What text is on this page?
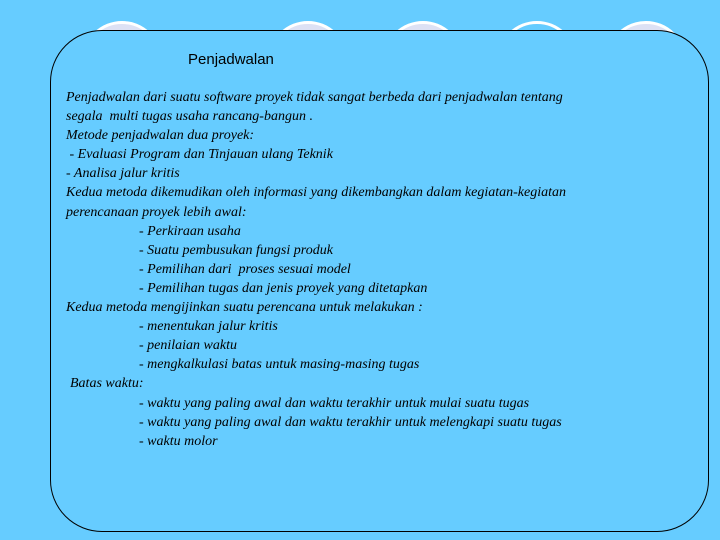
Penjadwalan
Penjadwalan dari suatu software proyek tidak sangat berbeda dari penjadwalan tentang
segala  multi tugas usaha rancang-bangun .
Metode penjadwalan dua proyek:
- Evaluasi Program dan Tinjauan ulang Teknik
- Analisa jalur kritis
Kedua metoda dikemudikan oleh informasi yang dikembangkan dalam kegiatan-kegiatan
perencanaan proyek lebih awal:
- Perkiraan usaha
- Suatu pembusukan fungsi produk
- Pemilihan dari  proses sesuai model
- Pemilihan tugas dan jenis proyek yang ditetapkan
Kedua metoda mengijinkan suatu perencana untuk melakukan :
- menentukan jalur kritis
- penilaian waktu
- mengkalkulasi batas untuk masing-masing tugas
Batas waktu:
- waktu yang paling awal dan waktu terakhir untuk mulai suatu tugas
- waktu yang paling awal dan waktu terakhir untuk melengkapi suatu tugas
- waktu molor
